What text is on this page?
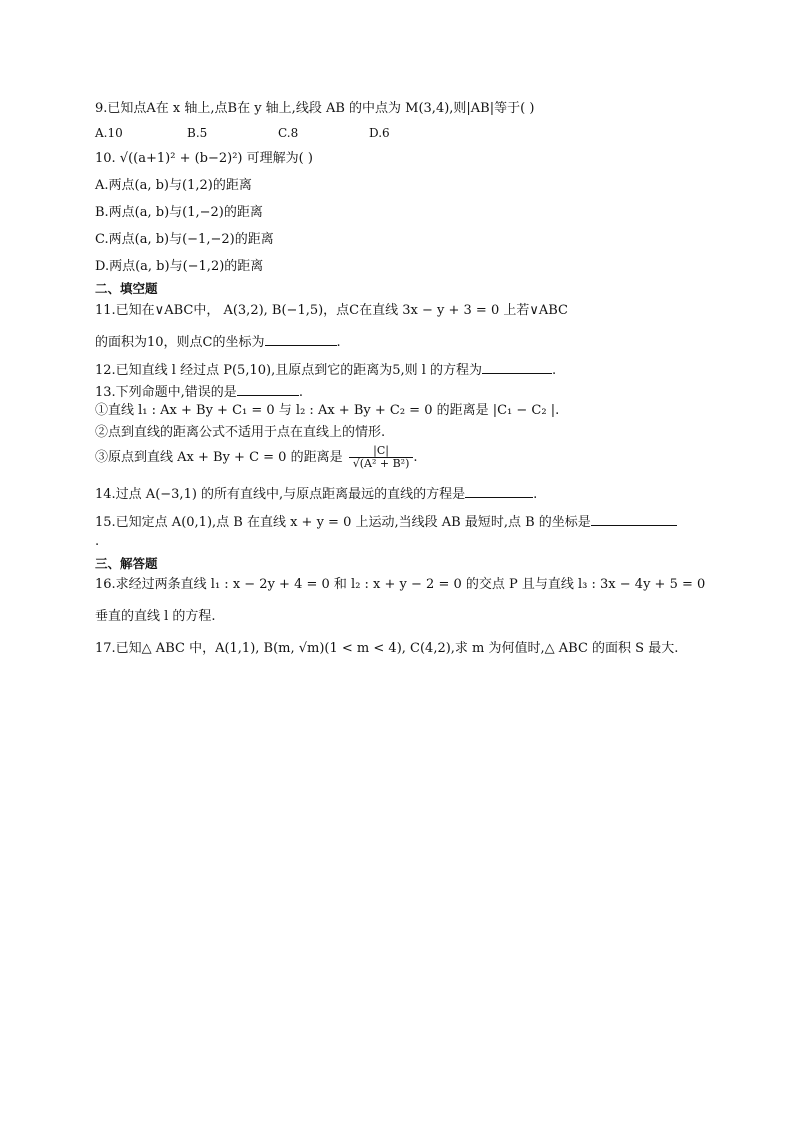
9.已知点A在 x 轴上,点B在 y 轴上,线段 AB 的中点为 M(3,4),则|AB|等于( )
A.10	B.5	C.8	D.6
10. √((a+1)² + (b−2)²) 可理解为( )
A.两点(a, b)与(1,2)的距离
B.两点(a, b)与(1,−2)的距离
C.两点(a, b)与(−1,−2)的距离
D.两点(a, b)与(−1,2)的距离
二、填空题
11.已知在∨ABC中， A(3,2), B(−1,5)，点C在直线 3x − y + 3 = 0 上若∨ABC
的面积为10，则点C的坐标为	.
12.已知直线 l 经过点 P(5,10),且原点到它的距离为5,则 l 的方程为	.
13.下列命题中,错误的是	.
①直线 l₁ : Ax + By + C₁ = 0 与 l₂ : Ax + By + C₂ = 0 的距离是 |C₁ − C₂ |.
②点到直线的距离公式不适用于点在直线上的情形.
③原点到直线 Ax + By + C = 0 的距离是 $\frac{|C|}{\text{√(A² + B²)}}$ .
14.过点 A(−3,1) 的所有直线中,与原点距离最远的直线的方程是	.
15.已知定点 A(0,1),点 B 在直线 x + y = 0 上运动,当线段 AB 最短时,点 B 的坐标是
.
三、解答题
16.求经过两条直线 l₁ : x − 2y + 4 = 0 和 l₂ : x + y − 2 = 0 的交点 P 且与直线 l₃ : 3x − 4y + 5 = 0
垂直的直线 l 的方程.
17.已知△ ABC 中，A(1,1), B(m, √m)(1 < m < 4), C(4,2),求 m 为何值时,△ ABC 的面积 S 最大.
